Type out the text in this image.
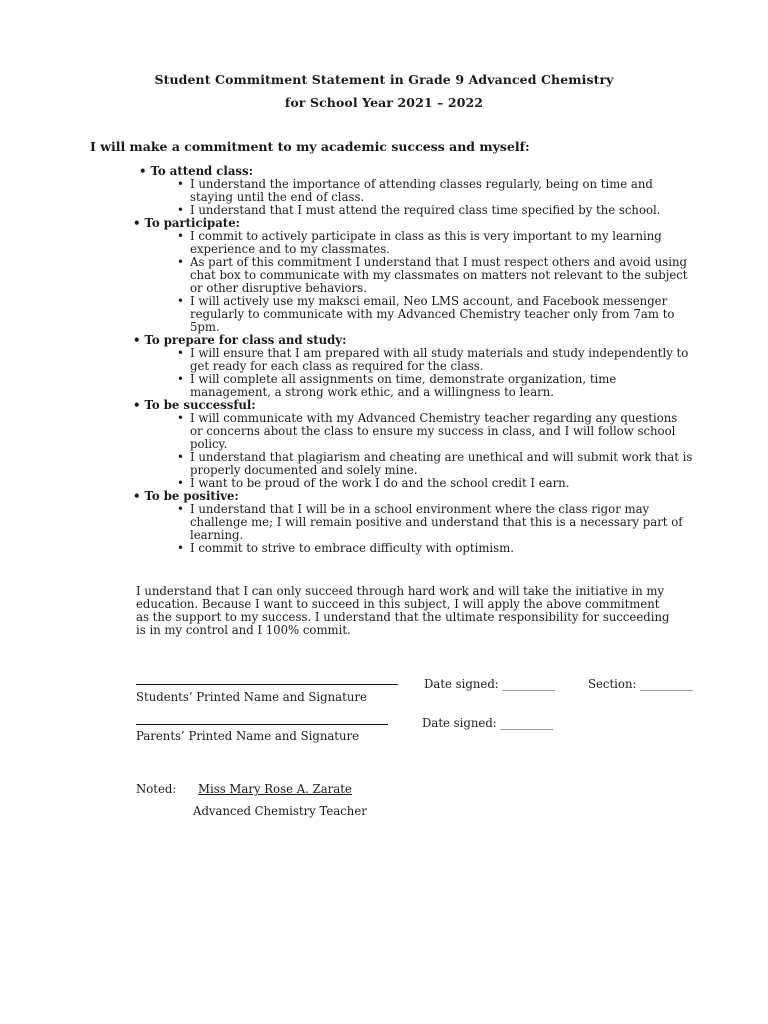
Student Commitment Statement in Grade 9 Advanced Chemistry
for School Year 2021 – 2022
I will make a commitment to my academic success and myself:
• To attend class:
• I understand the importance of attending classes regularly, being on time and staying until the end of class.
• I understand that I must attend the required class time specified by the school.
• To participate:
• I commit to actively participate in class as this is very important to my learning experience and to my classmates.
• As part of this commitment I understand that I must respect others and avoid using chat box to communicate with my classmates on matters not relevant to the subject or other disruptive behaviors.
• I will actively use my maksci email, Neo LMS account, and Facebook messenger regularly to communicate with my Advanced Chemistry teacher only from 7am to 5pm.
• To prepare for class and study:
• I will ensure that I am prepared with all study materials and study independently to get ready for each class as required for the class.
• I will complete all assignments on time, demonstrate organization, time management, a strong work ethic, and a willingness to learn.
• To be successful:
• I will communicate with my Advanced Chemistry teacher regarding any questions or concerns about the class to ensure my success in class, and I will follow school policy.
• I understand that plagiarism and cheating are unethical and will submit work that is properly documented and solely mine.
• I want to be proud of the work I do and the school credit I earn.
• To be positive:
• I understand that I will be in a school environment where the class rigor may challenge me; I will remain positive and understand that this is a necessary part of learning.
• I commit to strive to embrace difficulty with optimism.
I understand that I can only succeed through hard work and will take the initiative in my education. Because I want to succeed in this subject, I will apply the above commitment as the support to my success. I understand that the ultimate responsibility for succeeding is in my control and I 100% commit.
Date signed: _________	Section: _________
Students’ Printed Name and Signature
Date signed: _________
Parents’ Printed Name and Signature
Noted: Miss Mary Rose A. Zarate
Advanced Chemistry Teacher
